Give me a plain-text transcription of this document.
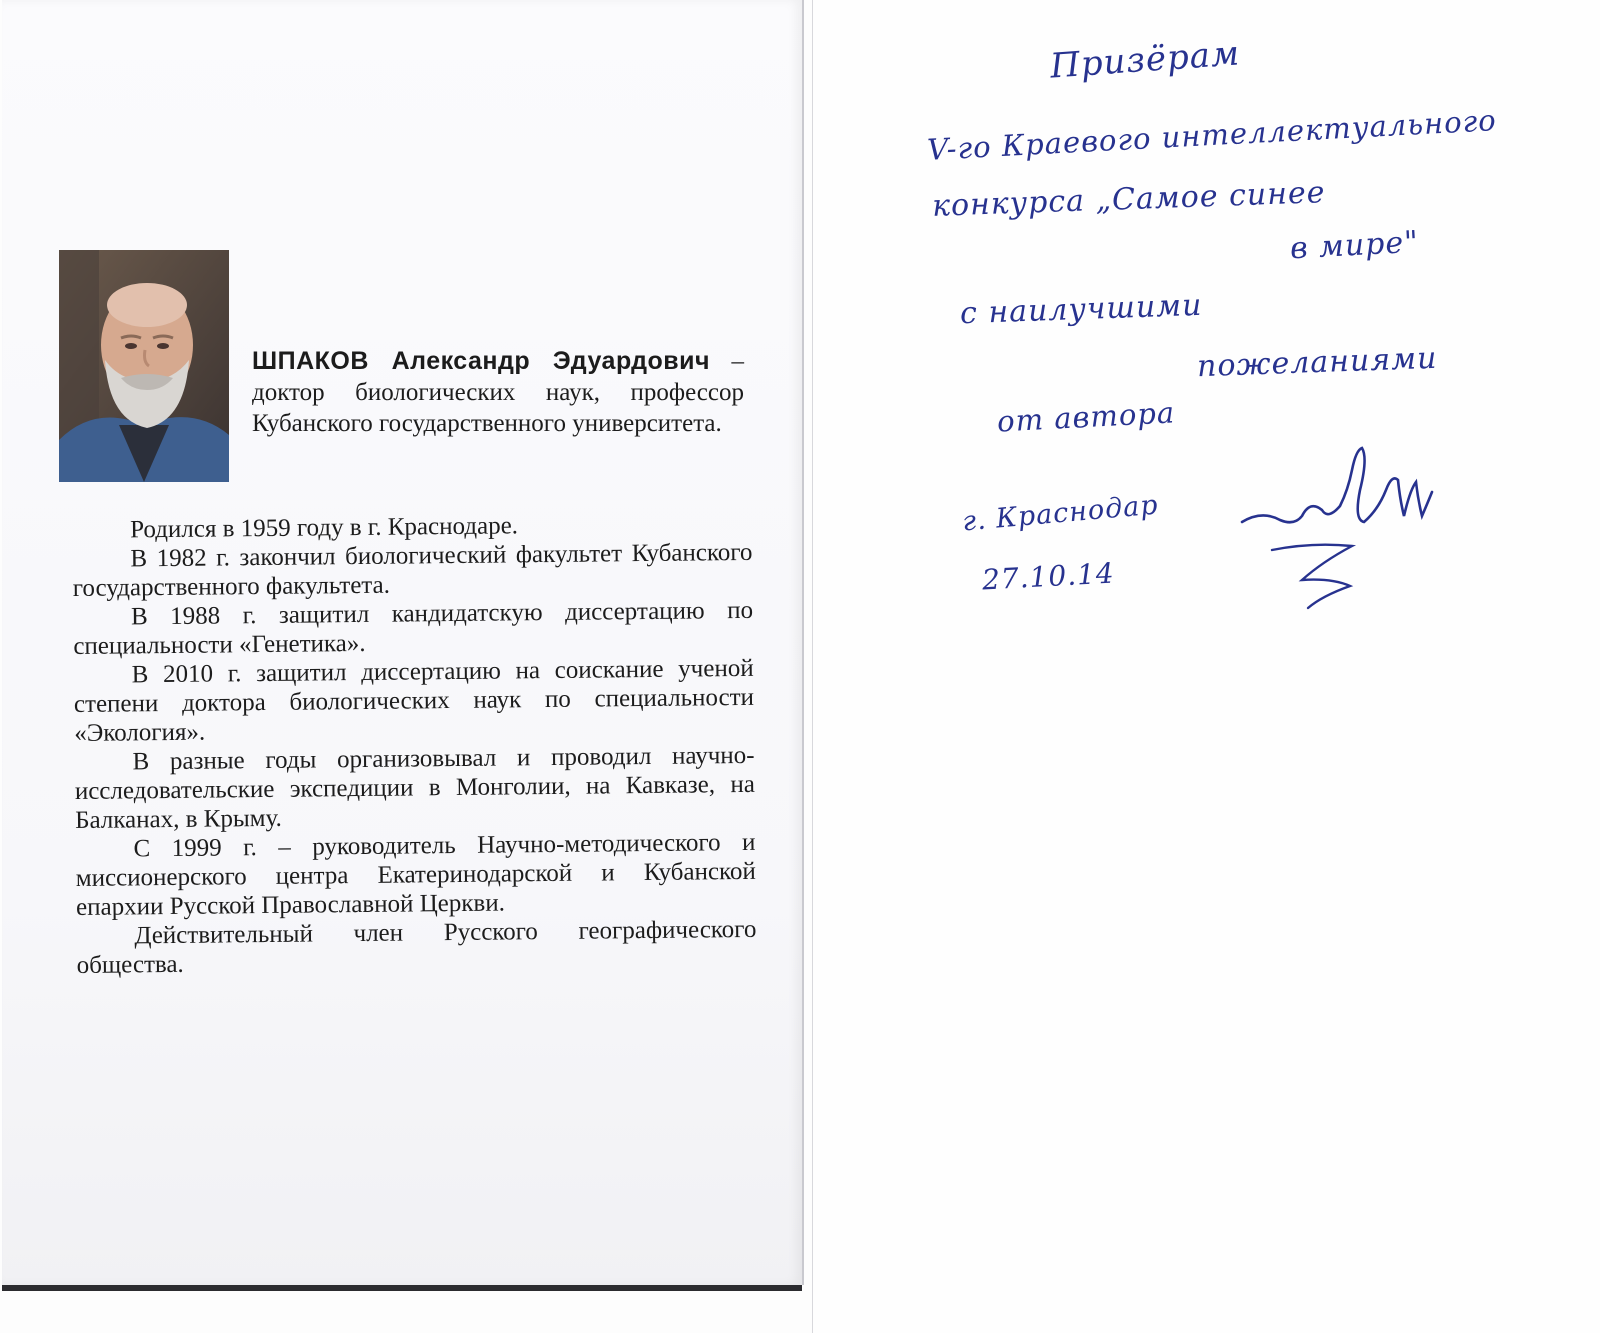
ШПАКОВ Александр Эдуардович – доктор биологических наук, профессор Кубанского государственного университета.

Родился в 1959 году в г. Краснодаре.

В 1982 г. закончил биологический факультет Кубанского государственного факультета.

В 1988 г. защитил кандидатскую диссертацию по специальности «Генетика».

В 2010 г. защитил диссертацию на соискание ученой степени доктора биологических наук по специальности «Экология».

В разные годы организовывал и проводил научно-исследовательские экспедиции в Монголии, на Кавказе, на Балканах, в Крыму.

С 1999 г. – руководитель Научно-методического и миссионерского центра Екатеринодарской и Кубанской епархии Русской Православной Церкви.

Действительный член Русского географического общества.

Призёрам
V-го Краевого интеллектуального
конкурса „Самое синее
в мире"
с наилучшими
пожеланиями
от автора
г. Краснодар
27.10.14
